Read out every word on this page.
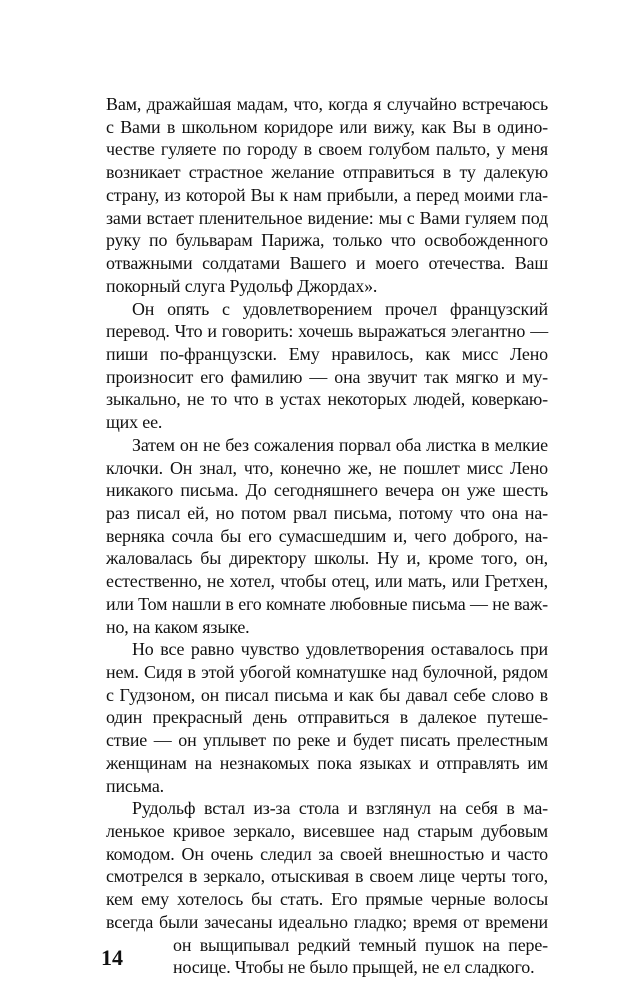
Вам, дражайшая мадам, что, когда я случайно встречаюсь
с Вами в школьном коридоре или вижу, как Вы в одино-
честве гуляете по городу в своем голубом пальто, у меня
возникает страстное желание отправиться в ту далекую
страну, из которой Вы к нам прибыли, а перед моими гла-
зами встает пленительное видение: мы с Вами гуляем под
руку по бульварам Парижа, только что освобожденного
отважными солдатами Вашего и моего отечества. Ваш
покорный слуга Рудольф Джордах».
Он опять с удовлетворением прочел французский
перевод. Что и говорить: хочешь выражаться элегантно —
пиши по-французски. Ему нравилось, как мисс Лено
произносит его фамилию — она звучит так мягко и му-
зыкально, не то что в устах некоторых людей, коверкаю-
щих ее.
Затем он не без сожаления порвал оба листка в мелкие
клочки. Он знал, что, конечно же, не пошлет мисс Лено
никакого письма. До сегодняшнего вечера он уже шесть
раз писал ей, но потом рвал письма, потому что она на-
верняка сочла бы его сумасшедшим и, чего доброго, на-
жаловалась бы директору школы. Ну и, кроме того, он,
естественно, не хотел, чтобы отец, или мать, или Гретхен,
или Том нашли в его комнате любовные письма — не важ-
но, на каком языке.
Но все равно чувство удовлетворения оставалось при
нем. Сидя в этой убогой комнатушке над булочной, рядом
с Гудзоном, он писал письма и как бы давал себе слово в
один прекрасный день отправиться в далекое путеше-
ствие — он уплывет по реке и будет писать прелестным
женщинам на незнакомых пока языках и отправлять им
письма.
Рудольф встал из-за стола и взглянул на себя в ма-
ленькое кривое зеркало, висевшее над старым дубовым
комодом. Он очень следил за своей внешностью и часто
смотрелся в зеркало, отыскивая в своем лице черты того,
кем ему хотелось бы стать. Его прямые черные волосы
всегда были зачесаны идеально гладко; время от времени
он выщипывал редкий темный пушок на пере-
носице. Чтобы не было прыщей, не ел сладкого.
14
